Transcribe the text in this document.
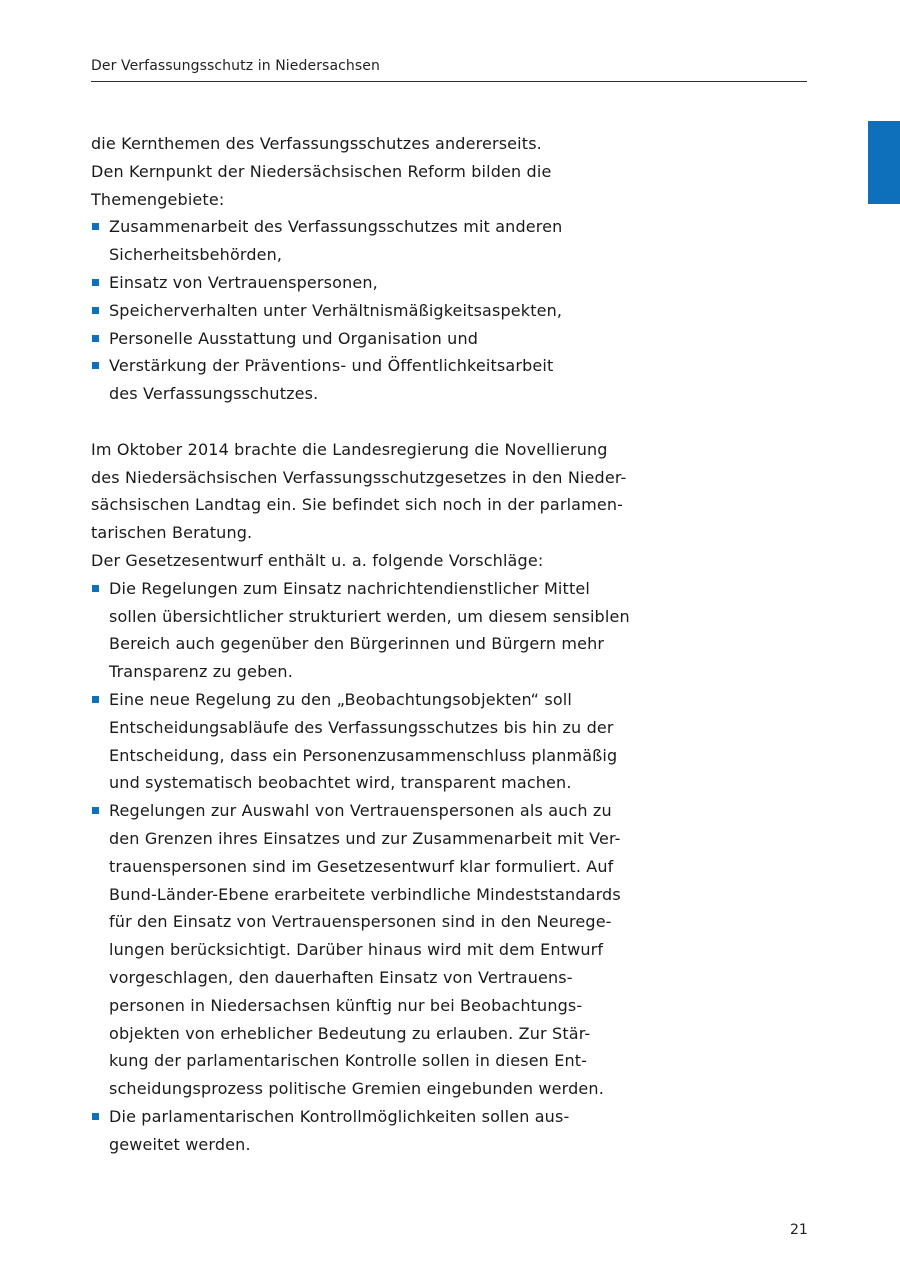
Der Verfassungsschutz in Niedersachsen

die Kernthemen des Verfassungsschutzes andererseits.
Den Kernpunkt der Niedersächsischen Reform bilden die
Themengebiete:

Zusammenarbeit des Verfassungsschutzes mit anderen
Sicherheitsbehörden,
Einsatz von Vertrauenspersonen,
Speicherverhalten unter Verhältnismäßigkeitsaspekten,
Personelle Ausstattung und Organisation und
Verstärkung der Präventions- und Öffentlichkeitsarbeit
des Verfassungsschutzes.

Im Oktober 2014 brachte die Landesregierung die Novellierung
des Niedersächsischen Verfassungsschutzgesetzes in den Nieder-
sächsischen Landtag ein. Sie befindet sich noch in der parlamen-
tarischen Beratung.
Der Gesetzesentwurf enthält u. a. folgende Vorschläge:

Die Regelungen zum Einsatz nachrichtendienstlicher Mittel
sollen übersichtlicher strukturiert werden, um diesem sensiblen
Bereich auch gegenüber den Bürgerinnen und Bürgern mehr
Transparenz zu geben.
Eine neue Regelung zu den „Beobachtungsobjekten“ soll
Entscheidungsabläufe des Verfassungsschutzes bis hin zu der
Entscheidung, dass ein Personenzusammenschluss planmäßig
und systematisch beobachtet wird, transparent machen.
Regelungen zur Auswahl von Vertrauenspersonen als auch zu
den Grenzen ihres Einsatzes und zur Zusammenarbeit mit Ver-
trauenspersonen sind im Gesetzesentwurf klar formuliert. Auf
Bund-Länder-Ebene erarbeitete verbindliche Mindeststandards
für den Einsatz von Vertrauenspersonen sind in den Neurege-
lungen berücksichtigt. Darüber hinaus wird mit dem Entwurf
vorgeschlagen, den dauerhaften Einsatz von Vertrauens-
personen in Niedersachsen künftig nur bei Beobachtungs-
objekten von erheblicher Bedeutung zu erlauben. Zur Stär-
kung der parlamentarischen Kontrolle sollen in diesen Ent-
scheidungsprozess politische Gremien eingebunden werden.
Die parlamentarischen Kontrollmöglichkeiten sollen aus-
geweitet werden.
21
